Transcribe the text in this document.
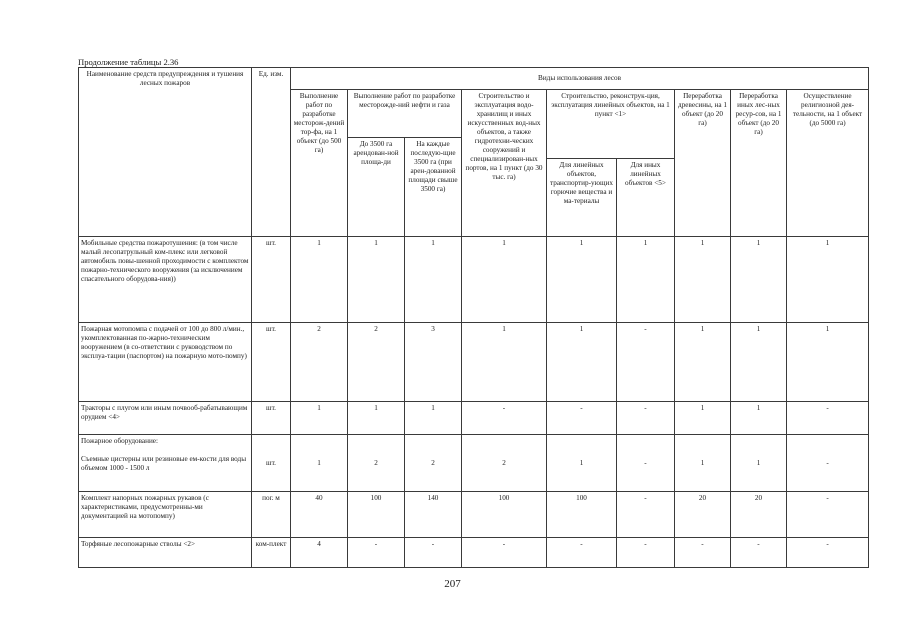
Продолжение таблицы 2.36
Наименование средств предупреждения и тушения лесных пожаров	Ед. изм.	Виды использования лесов								
		Выполнение работ по разработке месторож-дений тор-фа, на 1 объект (до 500 га)	Выполнение работ по разработке месторожде-ний нефти и газа		Строительство и эксплуатация водо-хранилищ и иных искусственных вод-ных объектов, а также гидротехни-ческих сооружений и специализирован-ных портов, на 1 пункт (до 30 тыс. га)	Строительство, реконструк-ция, эксплуатация линейных объектов, на 1 пункт <1>		Переработка древесины, на 1 объект (до 20 га)	Переработка иных лес-ных ресур-сов, на 1 объект (до 20 га)	Осуществление религиозной дея-тельности, на 1 объект (до 5000 га)
			До 3500 га арендован-ной площа-ди	На каждые последую-щие 3500 га (при арен-дованной площади свыше 3500 га)						
						Для линейных объектов, транспортир-ующих горючие вещества и ма-териалы	Для иных линейных объектов <5>			
Мобильные средства пожаротушения: (в том числе малый лесопатрульный ком-плекс или легковой автомобиль повы-шенной проходимости с комплектом пожарно-технического вооружения (за исключением спасательного оборудова-ния))	шт.	1	1	1	1	1	1	1	1	1
Пожарная мотопомпа с подачей от 100 до 800 л/мин., укомплектованная по-жарно-техническим вооружением (в со-ответствии с руководством по эксплуа-тации (паспортом) на пожарную мото-помпу)	шт.	2	2	3	1	1	-	1	1	1
Тракторы с плугом или иным почвооб-рабатывающим орудием <4>	шт.	1	1	1	-	-	-	1	1	-
Пожарное оборудование:
Съемные цистерны или резиновые ем-кости для воды объемом 1000 - 1500 л	шт.	1	2	2	2	1	-	1	1	-
Комплект напорных пожарных рукавов (с характеристиками, предусмотренны-ми документацией на мотопомпу)	пог. м	40	100	140	100	100	-	20	20	-
Торфяные лесопожарные стволы <2>	ком-плект	4	-	-	-	-	-	-	-	-
207
